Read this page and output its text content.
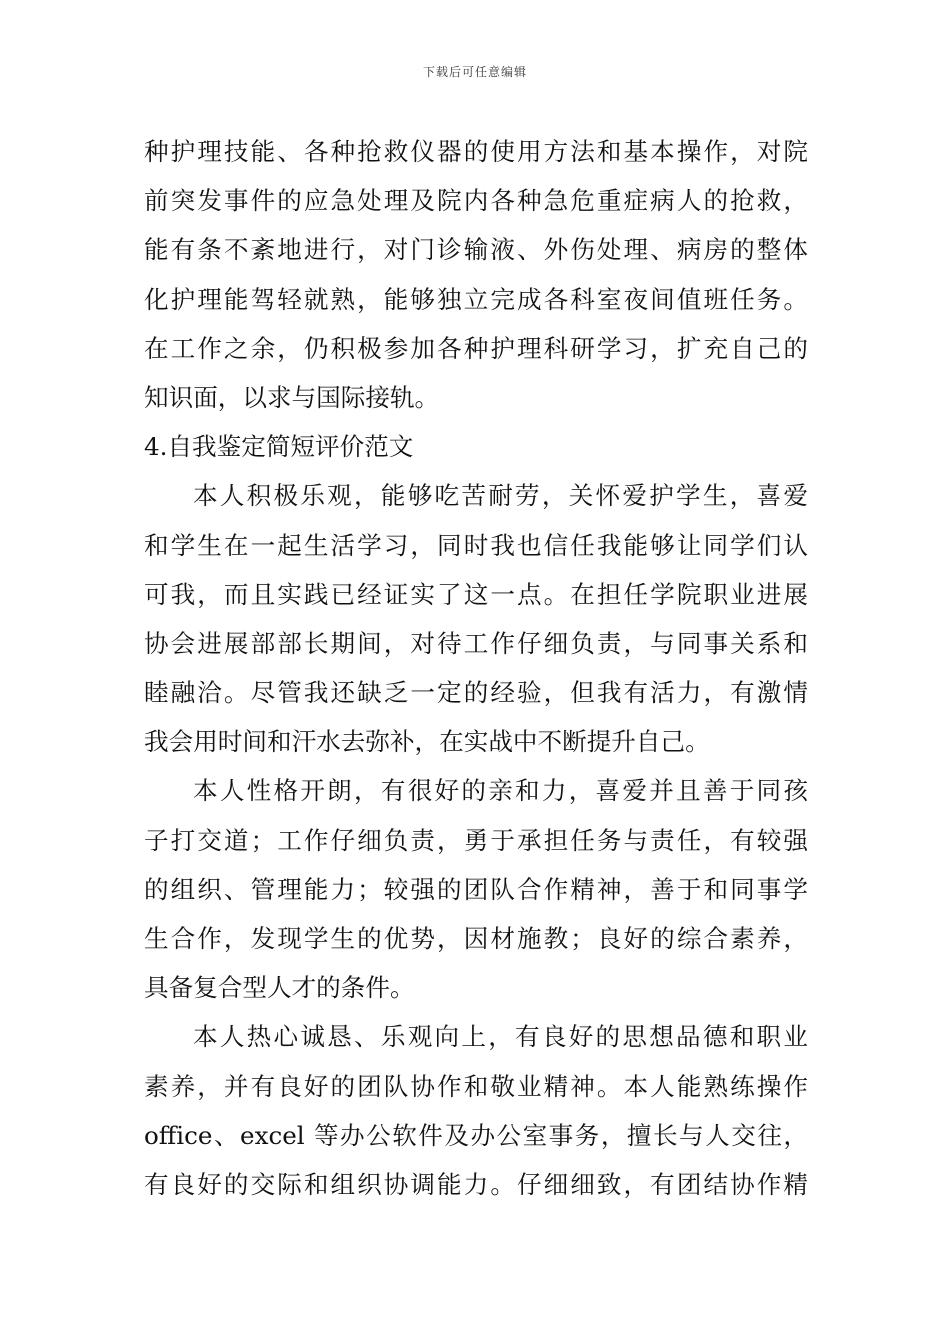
下载后可任意编辑
种护理技能、各种抢救仪器的使用方法和基本操作，对院
前突发事件的应急处理及院内各种急危重症病人的抢救，
能有条不紊地进行，对门诊输液、外伤处理、病房的整体
化护理能驾轻就熟，能够独立完成各科室夜间值班任务。
在工作之余，仍积极参加各种护理科研学习，扩充自己的
知识面，以求与国际接轨。
4.自我鉴定简短评价范文
本人积极乐观，能够吃苦耐劳，关怀爱护学生，喜爱
和学生在一起生活学习，同时我也信任我能够让同学们认
可我，而且实践已经证实了这一点。在担任学院职业进展
协会进展部部长期间，对待工作仔细负责，与同事关系和
睦融洽。尽管我还缺乏一定的经验，但我有活力，有激情
我会用时间和汗水去弥补，在实战中不断提升自己。
本人性格开朗，有很好的亲和力，喜爱并且善于同孩
子打交道；工作仔细负责，勇于承担任务与责任，有较强
的组织、管理能力；较强的团队合作精神，善于和同事学
生合作，发现学生的优势，因材施教；良好的综合素养，
具备复合型人才的条件。
本人热心诚恳、乐观向上，有良好的思想品德和职业
素养，并有良好的团队协作和敬业精神。本人能熟练操作
office、excel 等办公软件及办公室事务，擅长与人交往，
有良好的交际和组织协调能力。仔细细致，有团结协作精
